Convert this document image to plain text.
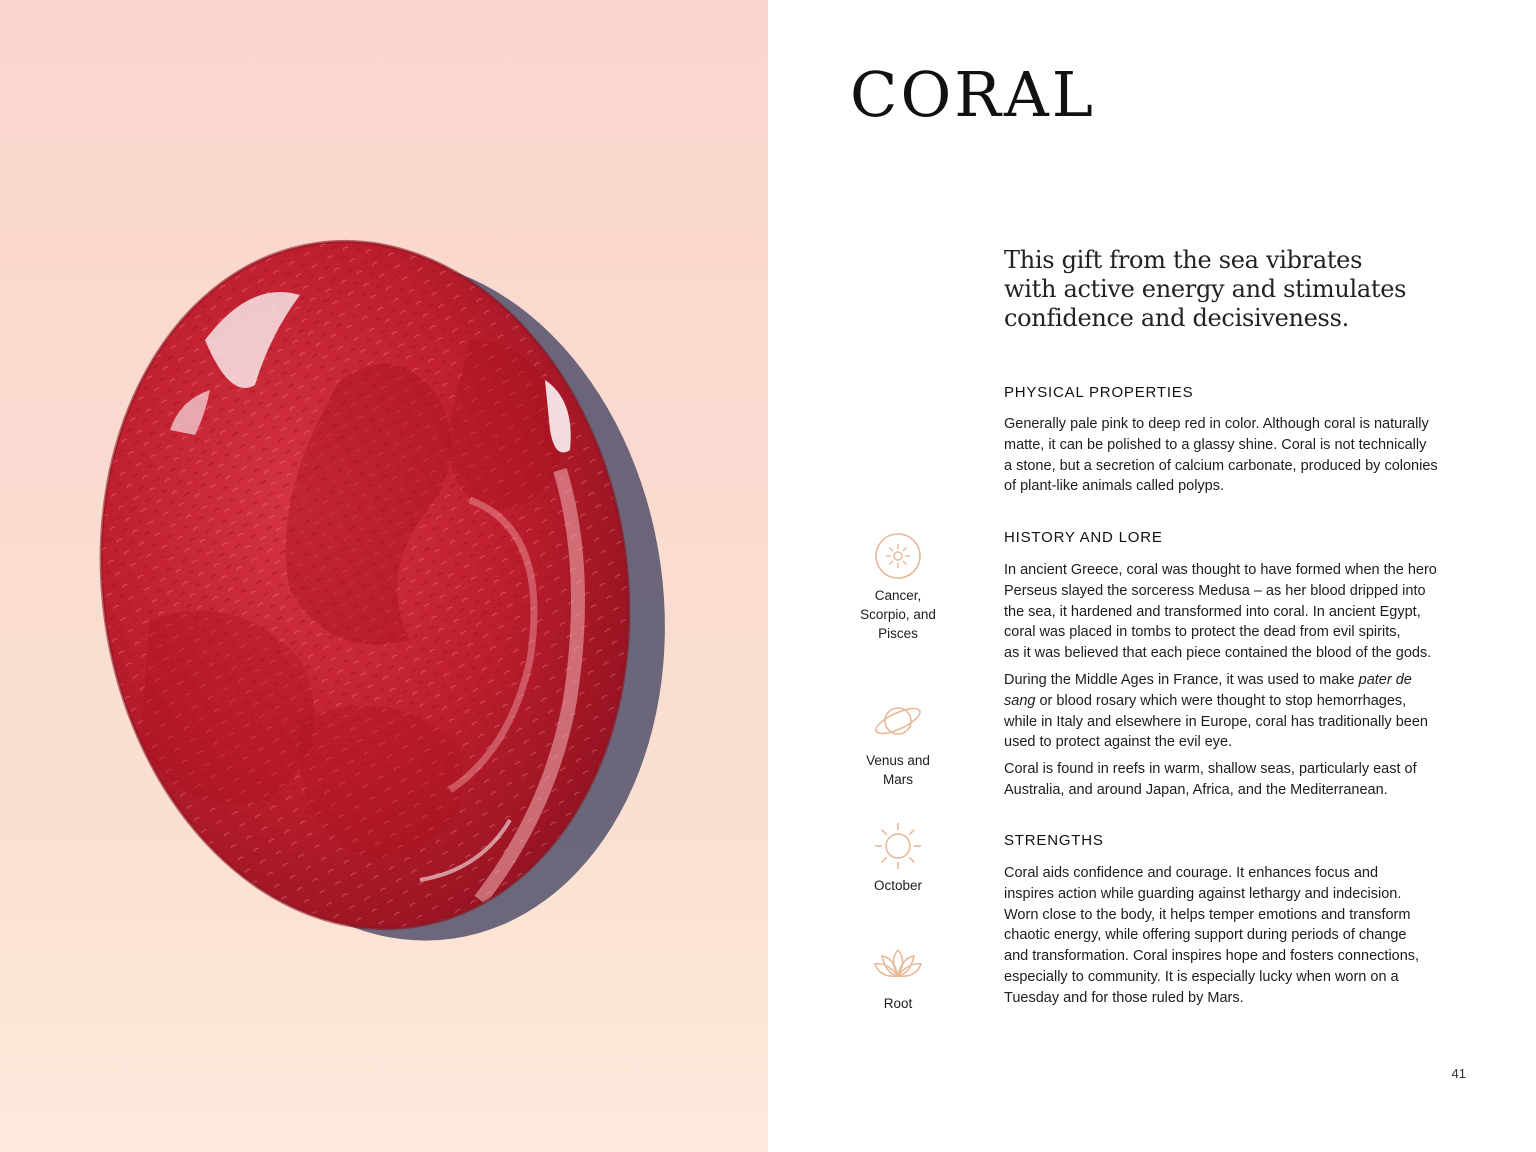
CORAL

This gift from the sea vibrates
with active energy and stimulates
confidence and decisiveness.

PHYSICAL PROPERTIES

Generally pale pink to deep red in color. Although coral is naturally
matte, it can be polished to a glassy shine. Coral is not technically
a stone, but a secretion of calcium carbonate, produced by colonies
of plant-like animals called polyps.

HISTORY AND LORE

In ancient Greece, coral was thought to have formed when the hero
Perseus slayed the sorceress Medusa – as her blood dripped into
the sea, it hardened and transformed into coral. In ancient Egypt,
coral was placed in tombs to protect the dead from evil spirits,
as it was believed that each piece contained the blood of the gods.

During the Middle Ages in France, it was used to make pater de
sang or blood rosary which were thought to stop hemorrhages,
while in Italy and elsewhere in Europe, coral has traditionally been
used to protect against the evil eye.

Coral is found in reefs in warm, shallow seas, particularly east of
Australia, and around Japan, Africa, and the Mediterranean.

STRENGTHS

Coral aids confidence and courage. It enhances focus and
inspires action while guarding against lethargy and indecision.
Worn close to the body, it helps temper emotions and transform
chaotic energy, while offering support during periods of change
and transformation. Coral inspires hope and fosters connections,
especially to community. It is especially lucky when worn on a
Tuesday and for those ruled by Mars.

Cancer,
Scorpio, and
Pisces
Venus and
Mars
October
Root
41
